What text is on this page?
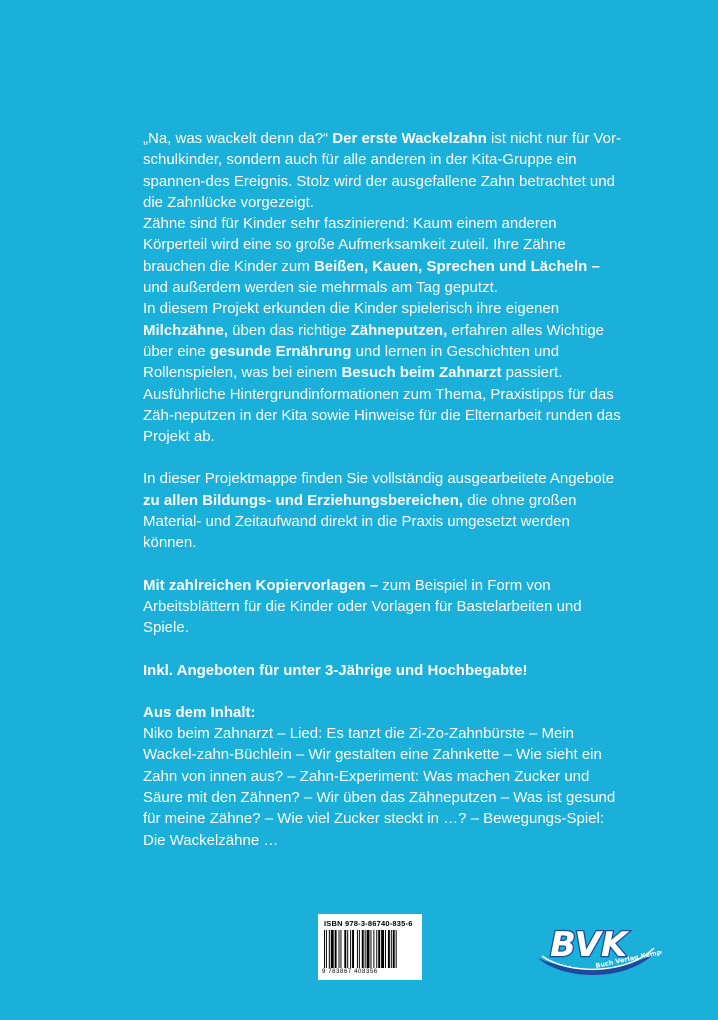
„Na, was wackelt denn da?“ Der erste Wackelzahn ist nicht nur für Vor-schulkinder, sondern auch für alle anderen in der Kita-Gruppe ein spannen-des Ereignis. Stolz wird der ausgefallene Zahn betrachtet und die Zahnlücke vorgezeigt.

Zähne sind für Kinder sehr faszinierend: Kaum einem anderen Körperteil wird eine so große Aufmerksamkeit zuteil. Ihre Zähne brauchen die Kinder zum Beißen, Kauen, Sprechen und Lächeln – und außerdem werden sie mehrmals am Tag geputzt.

In diesem Projekt erkunden die Kinder spielerisch ihre eigenen Milchzähne, üben das richtige Zähneputzen, erfahren alles Wichtige über eine gesunde Ernährung und lernen in Geschichten und Rollenspielen, was bei einem Besuch beim Zahnarzt passiert.

Ausführliche Hintergrundinformationen zum Thema, Praxistipps für das Zäh-neputzen in der Kita sowie Hinweise für die Elternarbeit runden das Projekt ab.

In dieser Projektmappe finden Sie vollständig ausgearbeitete Angebote zu allen Bildungs- und Erziehungsbereichen, die ohne großen Material- und Zeitaufwand direkt in die Praxis umgesetzt werden können.

Mit zahlreichen Kopiervorlagen – zum Beispiel in Form von Arbeitsblättern für die Kinder oder Vorlagen für Bastelarbeiten und Spiele.

Inkl. Angeboten für unter 3-Jährige und Hochbegabte!

Aus dem Inhalt:

Niko beim Zahnarzt – Lied: Es tanzt die Zi-Zo-Zahnbürste – Mein Wackel-zahn-Büchlein – Wir gestalten eine Zahnkette – Wie sieht ein Zahn von innen aus? – Zahn-Experiment: Was machen Zucker und Säure mit den Zähnen? – Wir üben das Zähneputzen – Was ist gesund für meine Zähne? – Wie viel Zucker steckt in …? – Bewegungs-Spiel: Die Wackelzähne …

ISBN 978-3-86740-835-6
9 783867 408356
BVK
Buch Verlag Kempen
